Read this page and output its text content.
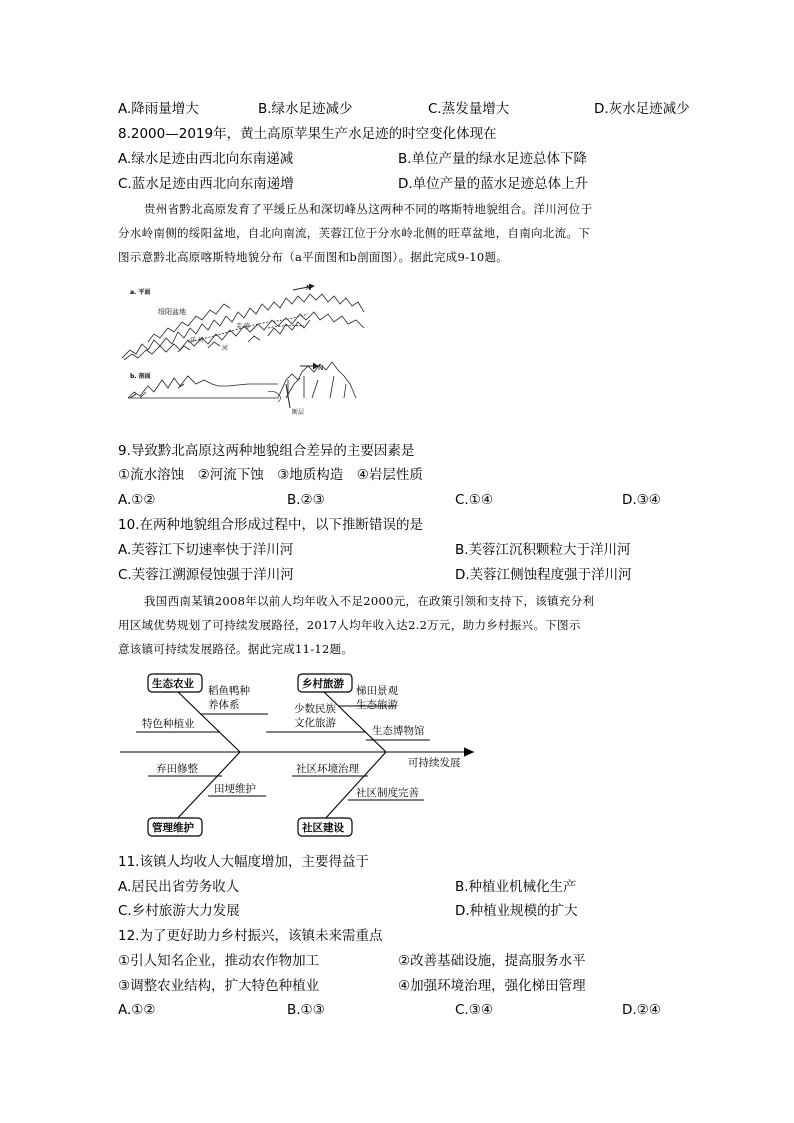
A.降雨量增大	B.绿水足迹减少	C.蒸发量增大	D.灰水足迹减少
8.2000—2019年，黄土高原苹果生产水足迹的时空变化体现在
A.绿水足迹由西北向东南递减	B.单位产量的绿水足迹总体下降
C.蓝水足迹由西北向东南递增	D.单位产量的蓝水足迹总体上升
贵州省黔北高原发育了平缓丘丛和深切峰丛这两种不同的喀斯特地貌组合。洋川河位于
分水岭南侧的绥阳盆地，自北向南流，芙蓉江位于分水岭北侧的旺草盆地，自南向北流。下
图示意黔北高原喀斯特地貌分布（a平面图和b剖面图）。据此完成9-10题。
a. 平面
绥阳盆地
N
洋 川
河
芙 蓉
b. 剖面
N
断层
9.导致黔北高原这两种地貌组合差异的主要因素是
①流水溶蚀　②河流下蚀　③地质构造　④岩层性质
A.①②	B.②③	C.①④	D.③④
10.在两种地貌组合形成过程中，以下推断错误的是
A.芙蓉江下切速率快于洋川河	B.芙蓉江沉积颗粒大于洋川河
C.芙蓉江溯源侵蚀强于洋川河	D.芙蓉江侧蚀程度强于洋川河
我国西南某镇2008年以前人均年收入不足2000元，在政策引领和支持下，该镇充分利
用区域优势规划了可持续发展路径，2017人均年收入达2.2万元，助力乡村振兴。下图示
意该镇可持续发展路径。据此完成11-12题。
生态农业	乡村旅游
管理维护	社区建设
稻鱼鸭种
养体系
特色种植业
梯田景观
生态旅游
少数民族
文化旅游
生态博物馆
弃田修整
田埂维护
社区环境治理
社区制度完善
可持续发展
11.该镇人均收人大幅度增加，主要得益于
A.居民出省劳务收人	B.种植业机械化生产
C.乡村旅游大力发展	D.种植业规模的扩大
12.为了更好助力乡村振兴，该镇未来需重点
①引人知名企业，推动农作物加工	②改善基础设施，提高服务水平
③调整农业结构，扩大特色种植业	④加强环境治理，强化梯田管理
A.①②	B.①③	C.③④	D.②④
